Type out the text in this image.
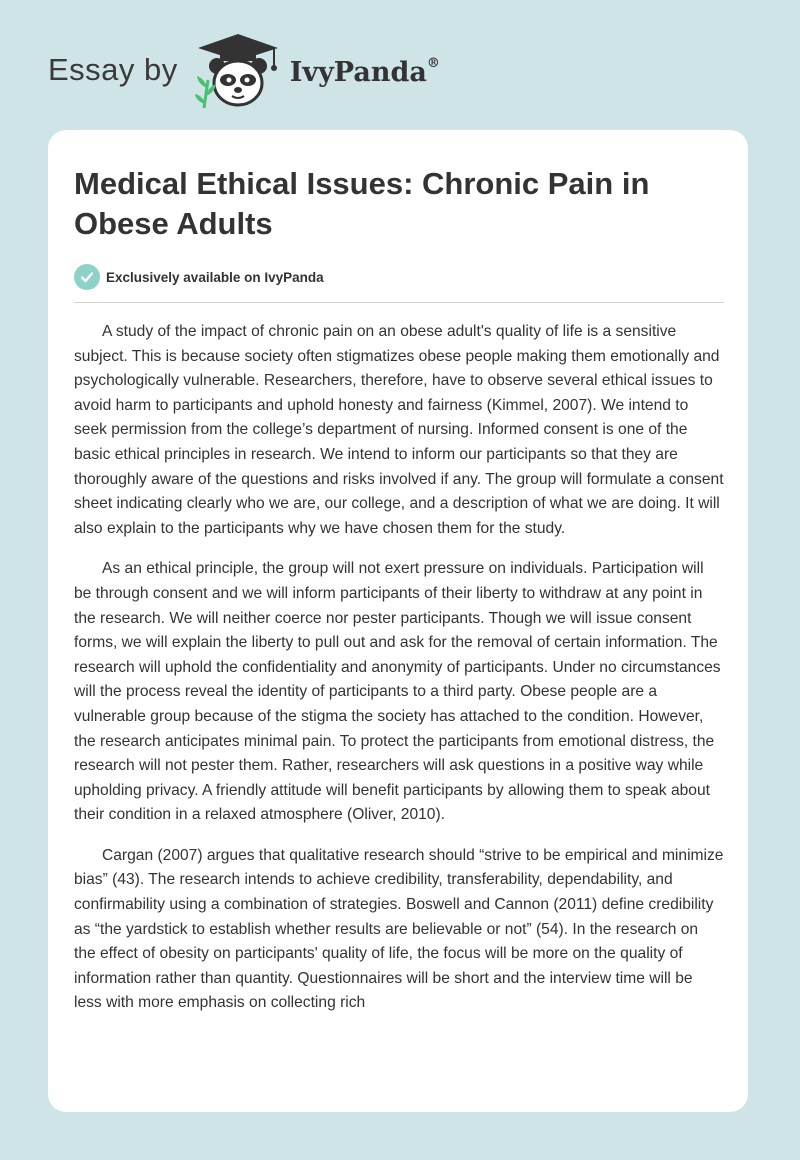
Essay by	IvyPanda®
Medical Ethical Issues: Chronic Pain in Obese Adults
Exclusively available on IvyPanda

A study of the impact of chronic pain on an obese adult's quality of life is a sensitive subject. This is because society often stigmatizes obese people making them emotionally and psychologically vulnerable. Researchers, therefore, have to observe several ethical issues to avoid harm to participants and uphold honesty and fairness (Kimmel, 2007). We intend to seek permission from the college’s department of nursing. Informed consent is one of the basic ethical principles in research. We intend to inform our participants so that they are thoroughly aware of the questions and risks involved if any. The group will formulate a consent sheet indicating clearly who we are, our college, and a description of what we are doing. It will also explain to the participants why we have chosen them for the study.

As an ethical principle, the group will not exert pressure on individuals. Participation will be through consent and we will inform participants of their liberty to withdraw at any point in the research. We will neither coerce nor pester participants. Though we will issue consent forms, we will explain the liberty to pull out and ask for the removal of certain information. The research will uphold the confidentiality and anonymity of participants. Under no circumstances will the process reveal the identity of participants to a third party. Obese people are a vulnerable group because of the stigma the society has attached to the condition. However, the research anticipates minimal pain. To protect the participants from emotional distress, the research will not pester them. Rather, researchers will ask questions in a positive way while upholding privacy. A friendly attitude will benefit participants by allowing them to speak about their condition in a relaxed atmosphere (Oliver, 2010).

Cargan (2007) argues that qualitative research should “strive to be empirical and minimize bias” (43). The research intends to achieve credibility, transferability, dependability, and confirmability using a combination of strategies. Boswell and Cannon (2011) define credibility as “the yardstick to establish whether results are believable or not” (54). In the research on the effect of obesity on participants' quality of life, the focus will be more on the quality of information rather than quantity. Questionnaires will be short and the interview time will be less with more emphasis on collecting rich
